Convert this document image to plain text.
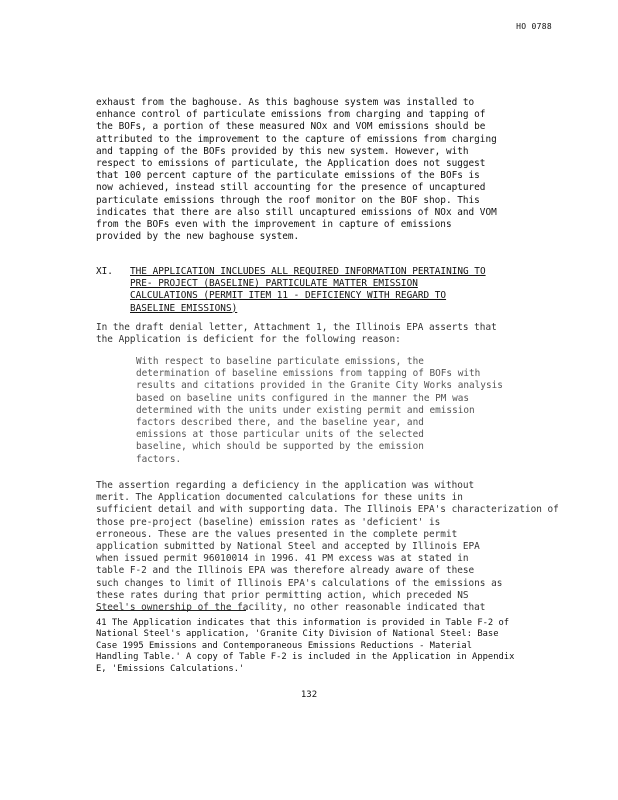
HO 0788
exhaust from the baghouse. As this baghouse system was installed to
enhance control of particulate emissions from charging and tapping of
the BOFs, a portion of these measured NOx and VOM emissions should be
attributed to the improvement to the capture of emissions from charging
and tapping of the BOFs provided by this new system. However, with
respect to emissions of particulate, the Application does not suggest
that 100 percent capture of the particulate emissions of the BOFs is
now achieved, instead still accounting for the presence of uncaptured
particulate emissions through the roof monitor on the BOF shop. This
indicates that there are also still uncaptured emissions of NOx and VOM
from the BOFs even with the improvement in capture of emissions
provided by the new baghouse system.
XI. THE APPLICATION INCLUDES ALL REQUIRED INFORMATION PERTAINING TO
PRE- PROJECT (BASELINE) PARTICULATE MATTER EMISSION
CALCULATIONS (PERMIT ITEM 11 - DEFICIENCY WITH REGARD TO
BASELINE EMISSIONS)
In the draft denial letter, Attachment 1, the Illinois EPA asserts that
the Application is deficient for the following reason:
With respect to baseline particulate emissions, the
determination of baseline emissions from tapping of BOFs with
results and citations provided in the Granite City Works analysis
based on baseline units configured in the manner the PM was
determined with the units under existing permit and emission
factors described there, and the baseline year, and
emissions at those particular units of the selected
baseline, which should be supported by the emission
factors.
The assertion regarding a deficiency in the application was without
merit. The Application documented calculations for these units in
sufficient detail and with supporting data. The Illinois EPA's characterization of
those pre-project (baseline) emission rates as 'deficient' is
erroneous. These are the values presented in the complete permit
application submitted by National Steel and accepted by Illinois EPA
when issued permit 96010014 in 1996. 41 PM excess was at stated in
table F-2 and the Illinois EPA was therefore already aware of these
such changes to limit of Illinois EPA's calculations of the emissions as
these rates during that prior permitting action, which preceded NS
Steel's ownership of the facility, no other reasonable indicated that
41 The Application indicates that this information is provided in Table F-2 of
National Steel's application, 'Granite City Division of National Steel: Base
Case 1995 Emissions and Contemporaneous Emissions Reductions - Material
Handling Table.' A copy of Table F-2 is included in the Application in Appendix
E, 'Emissions Calculations.'
132
